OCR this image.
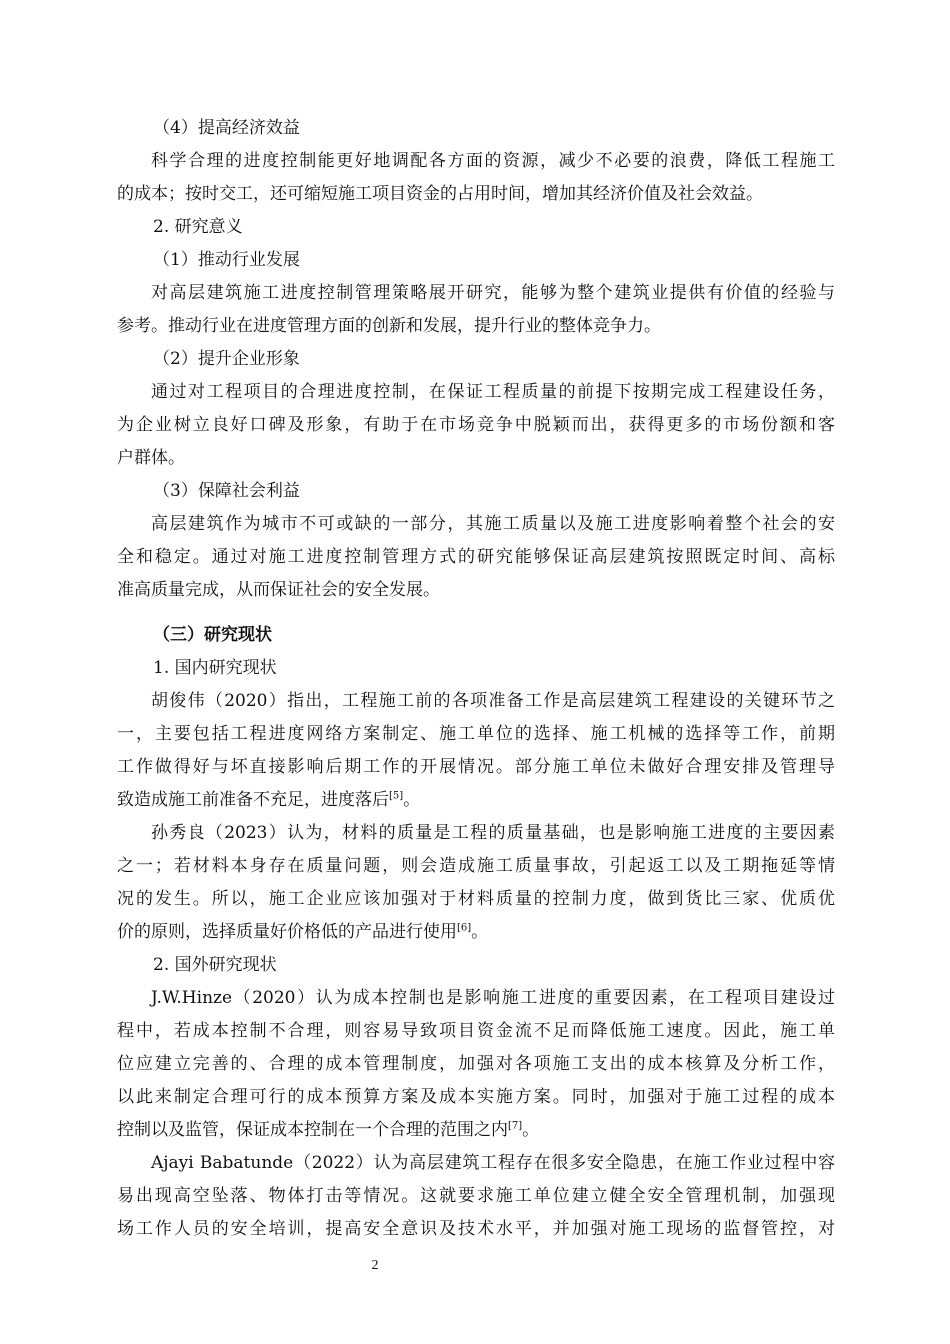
（4）提高经济效益
科学合理的进度控制能更好地调配各方面的资源，减少不必要的浪费，降低工程施工
的成本；按时交工，还可缩短施工项目资金的占用时间，增加其经济价值及社会效益。
2. 研究意义
（1）推动行业发展
对高层建筑施工进度控制管理策略展开研究，能够为整个建筑业提供有价值的经验与
参考。推动行业在进度管理方面的创新和发展，提升行业的整体竞争力。
（2）提升企业形象
通过对工程项目的合理进度控制，在保证工程质量的前提下按期完成工程建设任务，
为企业树立良好口碑及形象，有助于在市场竞争中脱颖而出，获得更多的市场份额和客
户群体。
（3）保障社会利益
高层建筑作为城市不可或缺的一部分，其施工质量以及施工进度影响着整个社会的安
全和稳定。通过对施工进度控制管理方式的研究能够保证高层建筑按照既定时间、高标
准高质量完成，从而保证社会的安全发展。
（三）研究现状
1. 国内研究现状
胡俊伟（2020）指出，工程施工前的各项准备工作是高层建筑工程建设的关键环节之
一，主要包括工程进度网络方案制定、施工单位的选择、施工机械的选择等工作，前期
工作做得好与坏直接影响后期工作的开展情况。部分施工单位未做好合理安排及管理导
致造成施工前准备不充足，进度落后[5]。
孙秀良（2023）认为，材料的质量是工程的质量基础，也是影响施工进度的主要因素
之一；若材料本身存在质量问题，则会造成施工质量事故，引起返工以及工期拖延等情
况的发生。所以，施工企业应该加强对于材料质量的控制力度，做到货比三家、优质优
价的原则，选择质量好价格低的产品进行使用[6]。
2. 国外研究现状
J.W.Hinze（2020）认为成本控制也是影响施工进度的重要因素，在工程项目建设过
程中，若成本控制不合理，则容易导致项目资金流不足而降低施工速度。因此，施工单
位应建立完善的、合理的成本管理制度，加强对各项施工支出的成本核算及分析工作，
以此来制定合理可行的成本预算方案及成本实施方案。同时，加强对于施工过程的成本
控制以及监管，保证成本控制在一个合理的范围之内[7]。
Ajayi Babatunde（2022）认为高层建筑工程存在很多安全隐患，在施工作业过程中容
易出现高空坠落、物体打击等情况。这就要求施工单位建立健全安全管理机制，加强现
场工作人员的安全培训，提高安全意识及技术水平，并加强对施工现场的监督管控，对
2
